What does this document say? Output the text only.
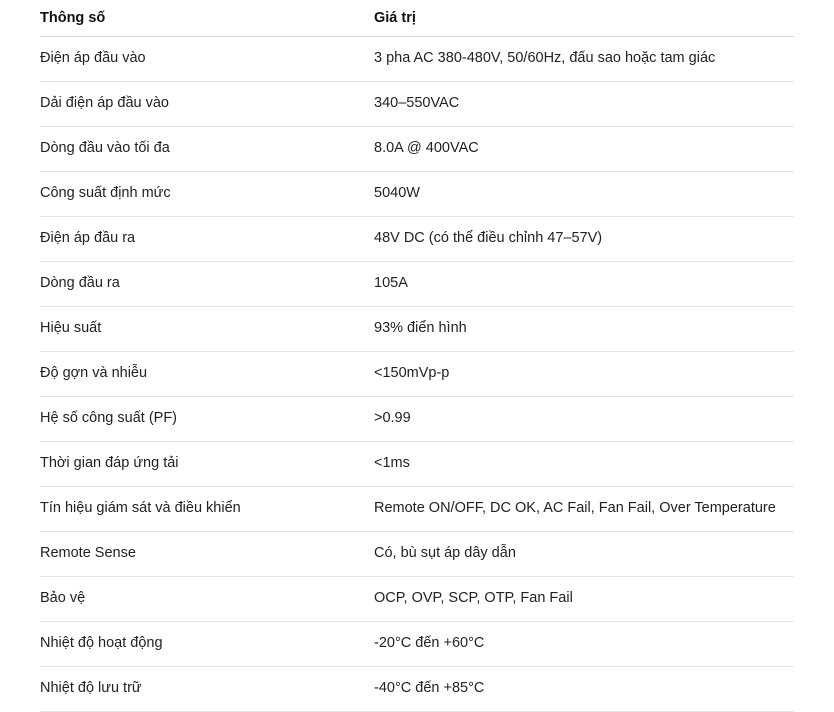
Thông số	Giá trị
Điện áp đầu vào	3 pha AC 380-480V, 50/60Hz, đấu sao hoặc tam giác
Dải điện áp đầu vào	340–550VAC
Dòng đầu vào tối đa	8.0A @ 400VAC
Công suất định mức	5040W
Điện áp đầu ra	48V DC (có thể điều chỉnh 47–57V)
Dòng đầu ra	105A
Hiệu suất	93% điển hình
Độ gợn và nhiễu	<150mVp-p
Hệ số công suất (PF)	>0.99
Thời gian đáp ứng tải	<1ms
Tín hiệu giám sát và điều khiển	Remote ON/OFF, DC OK, AC Fail, Fan Fail, Over Temperature
Remote Sense	Có, bù sụt áp dây dẫn
Bảo vệ	OCP, OVP, SCP, OTP, Fan Fail
Nhiệt độ hoạt động	-20°C đến +60°C
Nhiệt độ lưu trữ	-40°C đến +85°C
